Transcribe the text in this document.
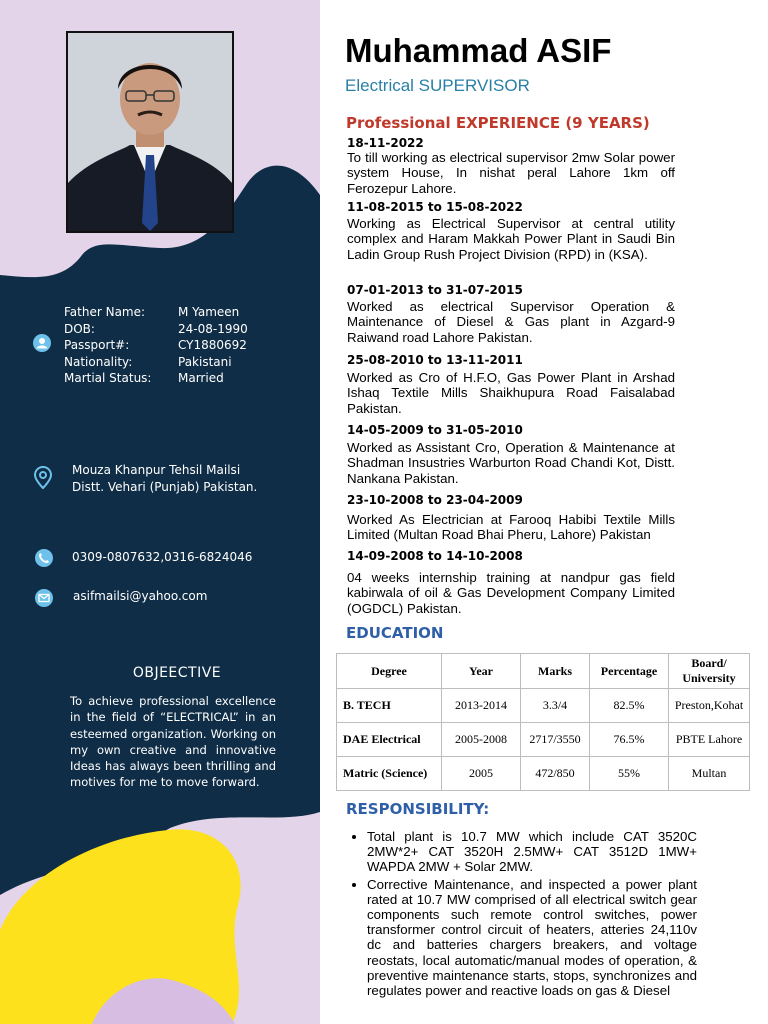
Father Name:	M Yameen
DOB:	24-08-1990
Passport#:	CY1880692
Nationality:	Pakistani
Martial Status:	Married
Mouza Khanpur Tehsil Mailsi
Distt. Vehari (Punjab) Pakistan.
0309-0807632,0316-6824046
asifmailsi@yahoo.com
OBJEECTIVE
To achieve professional excellence in the field of “ELECTRICAL” in an esteemed organization. Working on my own creative and innovative Ideas has always been thrilling and motives for me to move forward.
Muhammad ASIF
Electrical SUPERVISOR
Professional EXPERIENCE (9 YEARS)
18-11-2022
To till working as electrical supervisor 2mw Solar power system House, In nishat peral Lahore 1km off Ferozepur Lahore.
11-08-2015 to 15-08-2022
Working as Electrical Supervisor at central utility complex and Haram Makkah Power Plant in Saudi Bin Ladin Group Rush Project Division (RPD) in (KSA).
07-01-2013 to 31-07-2015
Worked as electrical Supervisor Operation & Maintenance of Diesel & Gas plant in Azgard-9 Raiwand road Lahore Pakistan.
25-08-2010 to 13-11-2011
Worked as Cro of H.F.O, Gas Power Plant in Arshad Ishaq Textile Mills Shaikhupura Road Faisalabad Pakistan.
14-05-2009 to 31-05-2010
Worked as Assistant Cro, Operation & Maintenance at Shadman Insustries Warburton Road Chandi Kot, Distt. Nankana Pakistan.
23-10-2008 to 23-04-2009
Worked As Electrician at Farooq Habibi Textile Mills Limited (Multan Road Bhai Pheru, Lahore) Pakistan
14-09-2008 to 14-10-2008
04 weeks internship training at nandpur gas field kabirwala of oil & Gas Development Company Limited (OGDCL) Pakistan.
EDUCATION
Degree	Year	Marks	Percentage	Board/ University
B. TECH	2013-2014	3.3/4	82.5%	Preston,Kohat
DAE Electrical	2005-2008	2717/3550	76.5%	PBTE Lahore
Matric (Science)	2005	472/850	55%	Multan
RESPONSIBILITY:
• Total plant is 10.7 MW which include CAT 3520C 2MW*2+ CAT 3520H 2.5MW+ CAT 3512D 1MW+ WAPDA 2MW + Solar 2MW.
• Corrective Maintenance, and inspected a power plant rated at 10.7 MW comprised of all electrical switch gear components such remote control switches, power transformer control circuit of heaters, atteries 24,110v dc and batteries chargers breakers, and voltage reostats, local automatic/manual modes of operation, & preventive maintenance starts, stops, synchronizes and regulates power and reactive loads on gas & Diesel
